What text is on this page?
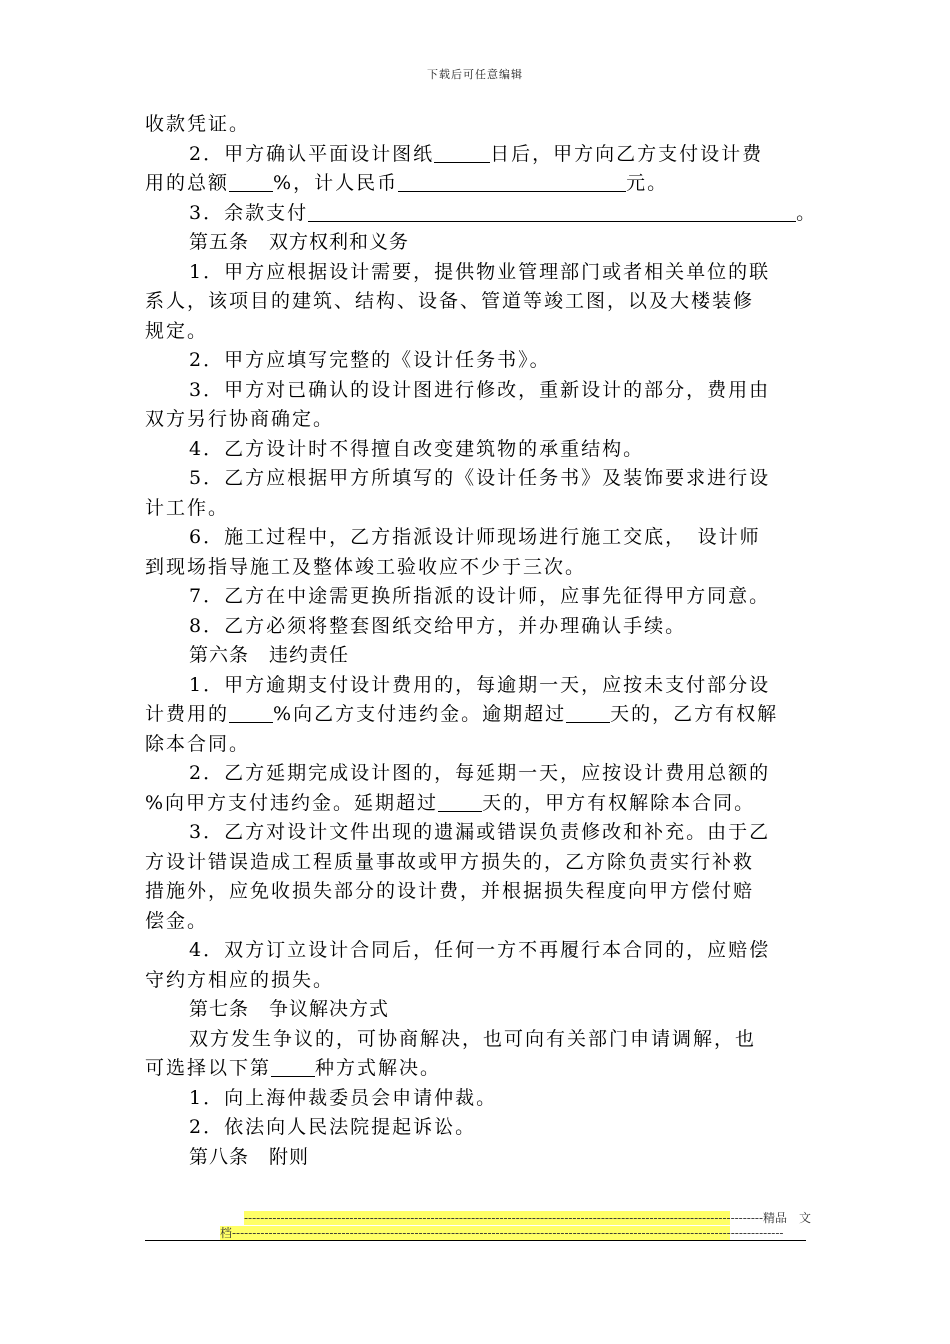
下载后可任意编辑
收款凭证。
2．甲方确认平面设计图纸	日后，甲方向乙方支付设计费
用的总额 %，计人民币	元。
3．余款支付	。
第五条　双方权利和义务
1．甲方应根据设计需要，提供物业管理部门或者相关单位的联
系人，该项目的建筑、结构、设备、管道等竣工图，以及大楼装修
规定。
2．甲方应填写完整的《设计任务书》。
3．甲方对已确认的设计图进行修改，重新设计的部分，费用由
双方另行协商确定。
4．乙方设计时不得擅自改变建筑物的承重结构。
5．乙方应根据甲方所填写的《设计任务书》及装饰要求进行设
计工作。
6．施工过程中，乙方指派设计师现场进行施工交底，　设计师
到现场指导施工及整体竣工验收应不少于三次。
7．乙方在中途需更换所指派的设计师，应事先征得甲方同意。
8．乙方必须将整套图纸交给甲方，并办理确认手续。
第六条　违约责任
1．甲方逾期支付设计费用的，每逾期一天，应按未支付部分设
计费用的 %向乙方支付违约金。逾期超过 天的，乙方有权解
除本合同。
2．乙方延期完成设计图的，每延期一天，应按设计费用总额的
%向甲方支付违约金。延期超过 天的，甲方有权解除本合同。
3．乙方对设计文件出现的遗漏或错误负责修改和补充。由于乙
方设计错误造成工程质量事故或甲方损失的，乙方除负责实行补救
措施外，应免收损失部分的设计费，并根据损失程度向甲方偿付赔
偿金。
4．双方订立设计合同后，任何一方不再履行本合同的，应赔偿
守约方相应的损失。
第七条　争议解决方式
双方发生争议的，可协商解决，也可向有关部门申请调解，也
可选择以下第 种方式解决。
1．向上海仲裁委员会申请仲裁。
2．依法向人民法院提起诉讼。
第八条　附则
--------------------------------------------------------------------------------------------------------------------------------精品　文
档----------------------------------------------------------------------------------------------------------------------------------------
